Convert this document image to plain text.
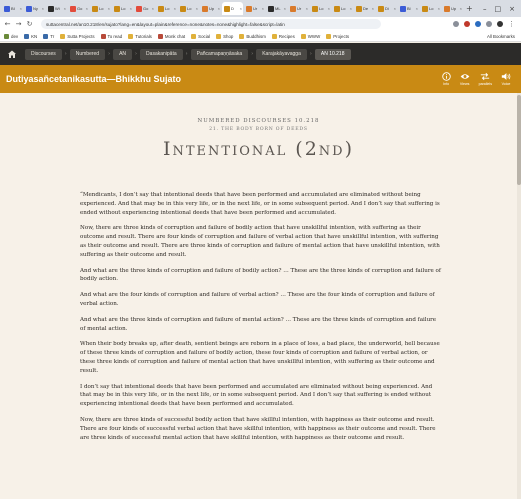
BI ×	Ny ×	Wi ×	Go ×	Lo ×	Lo ×	Go ×	Lo ×	Lo ×	Up ×	D ×	Ur ×	ML ×	Ur ×	Lo ×	Lo ×	De ×	Di ×	Bl ×	Lo ×	Up × + – □ ×
← → ↻	suttacentral.net/an10.218/en/sujato?lang=en&layout=plain&reference=none&notes=none&highlight=false&script=latin	⋮
dev	KN	Tr	Sutta Projects	To read	Tutorials	Monk chat	Social	Shop	Buddhism	Recipes	WWW	Projects	All Bookmarks
Discourses	›	Numbered	›	AN	›	Dasakanipāta	›	Pañcamapaṇṇāsaka	›	Karajakāyavagga	›	AN 10.218
Dutiyasañcetanikasutta—Bhikkhu Sujato	Info	Views	parallels	Voice
NUMBERED DISCOURSES 10.218
21. THE BODY BORN OF DEEDS
Intentional (2nd)

“Mendicants, I don’t say that intentional deeds that have been performed and accumulated are eliminated without being experienced. And that may be in this very life, or in the next life, or in some subsequent period. And I don’t say that suffering is ended without experiencing intentional deeds that have been performed and accumulated.

Now, there are three kinds of corruption and failure of bodily action that have unskillful intention, with suffering as their outcome and result. There are four kinds of corruption and failure of verbal action that have unskillful intention, with suffering as their outcome and result. There are three kinds of corruption and failure of mental action that have unskillful intention, with suffering as their outcome and result.

And what are the three kinds of corruption and failure of bodily action? … These are the three kinds of corruption and failure of bodily action.

And what are the four kinds of corruption and failure of verbal action? … These are the four kinds of corruption and failure of verbal action.

And what are the three kinds of corruption and failure of mental action? … These are the three kinds of corruption and failure of mental action.

When their body breaks up, after death, sentient beings are reborn in a place of loss, a bad place, the underworld, hell because of these three kinds of corruption and failure of bodily action, these four kinds of corruption and failure of verbal action, or these three kinds of corruption and failure of mental action that have unskillful intention, with suffering as their outcome and result.

I don’t say that intentional deeds that have been performed and accumulated are eliminated without being experienced. And that may be in this very life, or in the next life, or in some subsequent period. And I don’t say that suffering is ended without experiencing intentional deeds that have been performed and accumulated.

Now, there are three kinds of successful bodily action that have skillful intention, with happiness as their outcome and result. There are four kinds of successful verbal action that have skillful intention, with happiness as their outcome and result. There are three kinds of successful mental action that have skillful intention, with happiness as their outcome and result.
